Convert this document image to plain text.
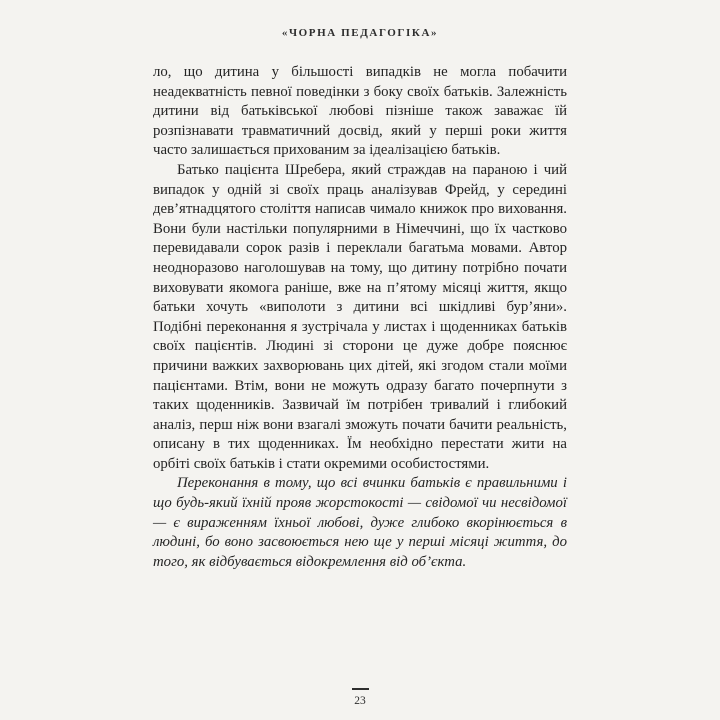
«ЧОРНА ПЕДАГОГІКА»

ло, що дитина у більшості випадків не могла побачити неадекватність певної поведінки з боку своїх батьків. Залежність дитини від батьківської любові пізніше також заважає їй розпізнавати травматичний досвід, який у перші роки життя часто залишається прихованим за ідеалізацією батьків.

Батько пацієнта Шребера, який страждав на параною і чий випадок у одній зі своїх праць аналізував Фрейд, у середині дев’ятнадцятого століття написав чимало книжок про виховання. Вони були настільки популярними в Німеччині, що їх частково перевидавали сорок разів і переклали багатьма мовами. Автор неодноразово наголошував на тому, що дитину потрібно почати виховувати якомога раніше, вже на п’ятому місяці життя, якщо батьки хочуть «виполоти з дитини всі шкідливі бур’яни». Подібні переконання я зустрічала у листах і щоденниках батьків своїх пацієнтів. Людині зі сторони це дуже добре пояснює причини важких захворювань цих дітей, які згодом стали моїми пацієнтами. Втім, вони не можуть одразу багато почерпнути з таких щоденників. Зазвичай їм потрібен тривалий і глибокий аналіз, перш ніж вони взагалі зможуть почати бачити реальність, описану в тих щоденниках. Їм необхідно перестати жити на орбіті своїх батьків і стати окремими особистостями.

Переконання в тому, що всі вчинки батьків є правильними і що будь-який їхній прояв жорстокості — свідомої чи несвідомої — є вираженням їхньої любові, дуже глибоко вкорінюється в людині, бо воно засвоюється нею ще у перші місяці життя, до того, як відбувається відокремлення від об’єкта.

23
